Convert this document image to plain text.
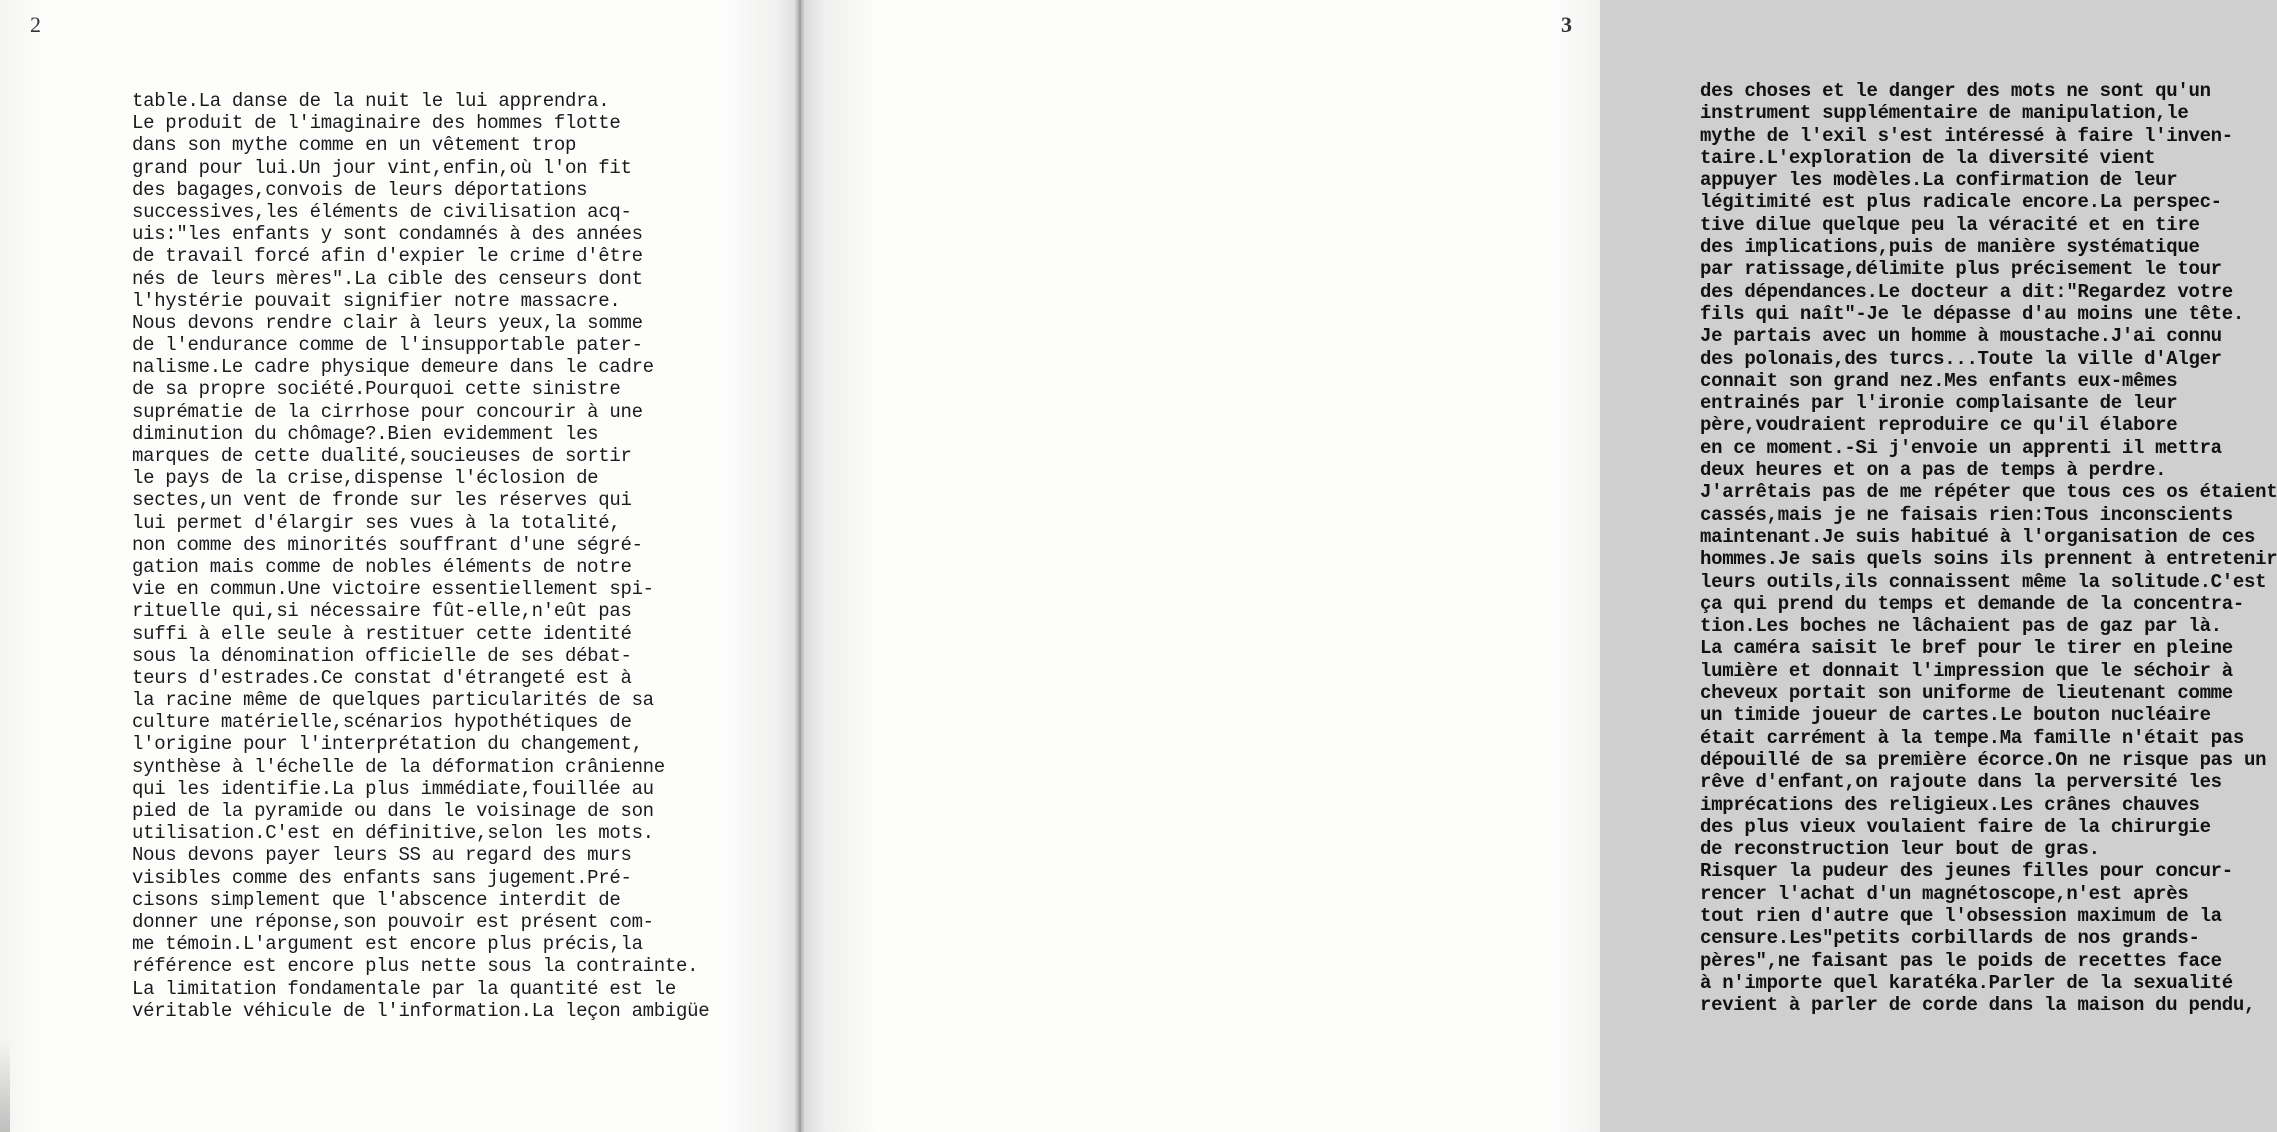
2
table.La danse de la nuit le lui apprendra.
Le produit de l'imaginaire des hommes flotte
dans son mythe comme en un vêtement trop
grand pour lui.Un jour vint,enfin,où l'on fit
des bagages,convois de leurs déportations
successives,les éléments de civilisation acq-
uis:"les enfants y sont condamnés à des années
de travail forcé afin d'expier le crime d'être
nés de leurs mères".La cible des censeurs dont
l'hystérie pouvait signifier notre massacre.
Nous devons rendre clair à leurs yeux,la somme
de l'endurance comme de l'insupportable pater-
nalisme.Le cadre physique demeure dans le cadre
de sa propre société.Pourquoi cette sinistre
suprématie de la cirrhose pour concourir à une
diminution du chômage?.Bien evidemment les
marques de cette dualité,soucieuses de sortir
le pays de la crise,dispense l'éclosion de
sectes,un vent de fronde sur les réserves qui
lui permet d'élargir ses vues à la totalité,
non comme des minorités souffrant d'une ségré-
gation mais comme de nobles éléments de notre
vie en commun.Une victoire essentiellement spi-
rituelle qui,si nécessaire fût-elle,n'eût pas
suffi à elle seule à restituer cette identité
sous la dénomination officielle de ses débat-
teurs d'estrades.Ce constat d'étrangeté est à
la racine même de quelques particularités de sa
culture matérielle,scénarios hypothétiques de
l'origine pour l'interprétation du changement,
synthèse à l'échelle de la déformation crânienne
qui les identifie.La plus immédiate,fouillée au
pied de la pyramide ou dans le voisinage de son
utilisation.C'est en définitive,selon les mots.
Nous devons payer leurs SS au regard des murs
visibles comme des enfants sans jugement.Pré-
cisons simplement que l'abscence interdit de
donner une réponse,son pouvoir est présent com-
me témoin.L'argument est encore plus précis,la
référence est encore plus nette sous la contrainte.
La limitation fondamentale par la quantité est le
véritable véhicule de l'information.La leçon ambigüe
3
des choses et le danger des mots ne sont qu'un
instrument supplémentaire de manipulation,le
mythe de l'exil s'est intéressé à faire l'inven-
taire.L'exploration de la diversité vient
appuyer les modèles.La confirmation de leur
légitimité est plus radicale encore.La perspec-
tive dilue quelque peu la véracité et en tire
des implications,puis de manière systématique
par ratissage,délimite plus précisement le tour
des dépendances.Le docteur a dit:"Regardez votre
fils qui naît"-Je le dépasse d'au moins une tête.
Je partais avec un homme à moustache.J'ai connu
des polonais,des turcs...Toute la ville d'Alger
connait son grand nez.Mes enfants eux-mêmes
entrainés par l'ironie complaisante de leur
père,voudraient reproduire ce qu'il élabore
en ce moment.-Si j'envoie un apprenti il mettra
deux heures et on a pas de temps à perdre.
J'arrêtais pas de me répéter que tous ces os étaient
cassés,mais je ne faisais rien:Tous inconscients
maintenant.Je suis habitué à l'organisation de ces
hommes.Je sais quels soins ils prennent à entretenir
leurs outils,ils connaissent même la solitude.C'est
ça qui prend du temps et demande de la concentra-
tion.Les boches ne lâchaient pas de gaz par là.
La caméra saisit le bref pour le tirer en pleine
lumière et donnait l'impression que le séchoir à
cheveux portait son uniforme de lieutenant comme
un timide joueur de cartes.Le bouton nucléaire
était carrément à la tempe.Ma famille n'était pas
dépouillé de sa première écorce.On ne risque pas un
rêve d'enfant,on rajoute dans la perversité les
imprécations des religieux.Les crânes chauves
des plus vieux voulaient faire de la chirurgie
de reconstruction leur bout de gras.
Risquer la pudeur des jeunes filles pour concur-
rencer l'achat d'un magnétoscope,n'est après
tout rien d'autre que l'obsession maximum de la
censure.Les"petits corbillards de nos grands-
pères",ne faisant pas le poids de recettes face
à n'importe quel karatéka.Parler de la sexualité
revient à parler de corde dans la maison du pendu,
